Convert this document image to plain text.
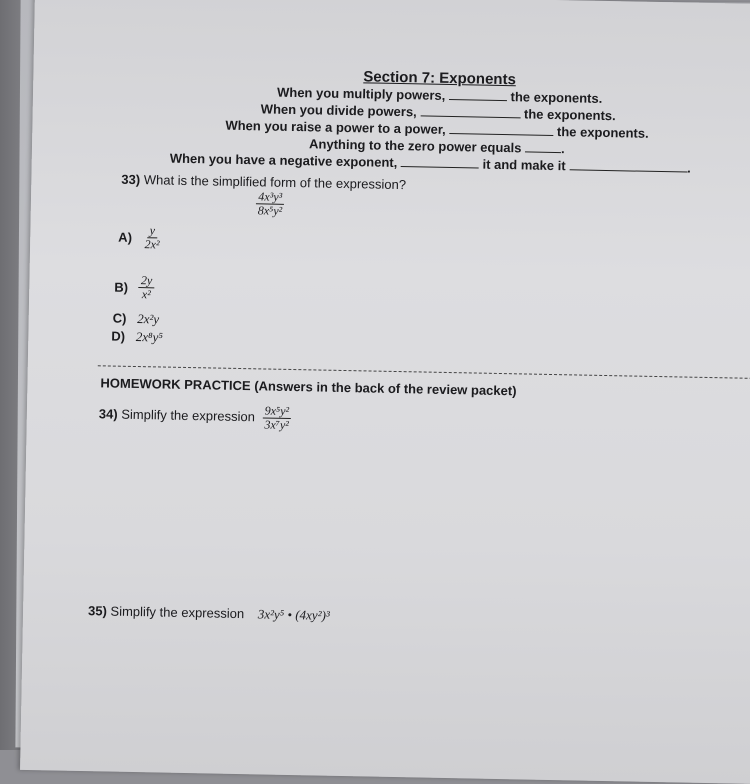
Section 7: Exponents
When you multiply powers,	the exponents.
When you divide powers,	the exponents.
When you raise a power to a power,	the exponents.
Anything to the zero power equals	.
When you have a negative exponent,	it and make it	.
33) What is the simplified form of the expression?
$\frac{\text{4x³y³}}{\text{8x⁵y²}}$
$A) \frac{y}{\text{2x²}}$
$B) \frac{2y}{\text{x²}}$
C) 2x²y
D) 2x⁸y⁵
HOMEWORK PRACTICE (Answers in the back of the review packet)
34) Simplify the expression $\frac{\text{9x⁵y²}}{\text{3x⁷y²}}$
35) Simplify the expression 3x²y⁵ • (4xy²)³
